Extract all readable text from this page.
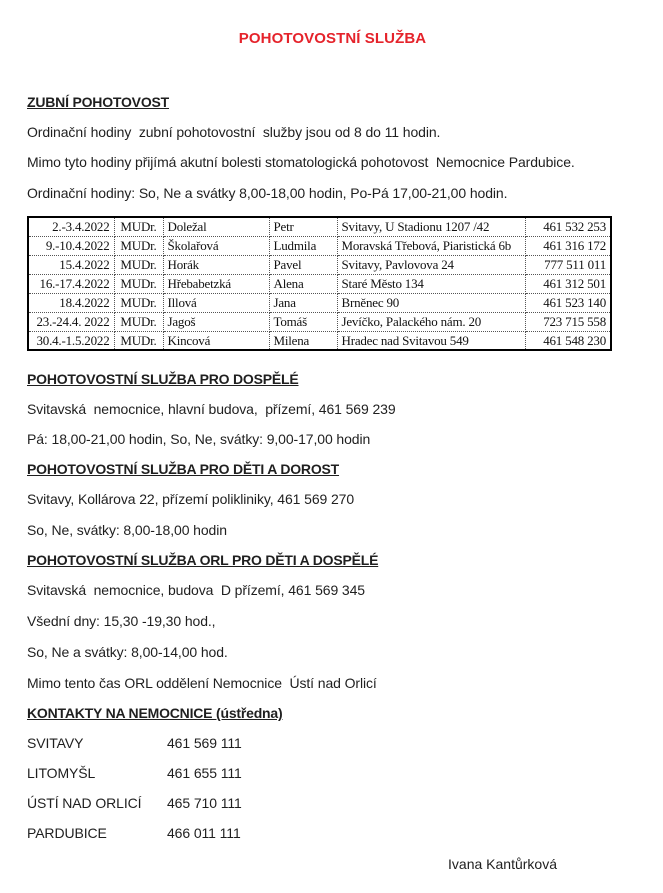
POHOTOVOSTNÍ SLUŽBA
ZUBNÍ POHOTOVOST
Ordinační hodiny  zubní pohotovostní  služby jsou od 8 do 11 hodin.
Mimo tyto hodiny přijímá akutní bolesti stomatologická pohotovost  Nemocnice Pardubice.
Ordinační hodiny: So, Ne a svátky 8,00-18,00 hodin, Po-Pá 17,00-21,00 hodin.
2.-3.4.2022	MUDr.	Doležal	Petr	Svitavy, U Stadionu 1207 /42	461 532 253
9.-10.4.2022	MUDr.	Školařová	Ludmila	Moravská Třebová, Piaristická 6b	461 316 172
15.4.2022	MUDr.	Horák	Pavel	Svitavy, Pavlovova 24	777 511 011
16.-17.4.2022	MUDr.	Hřebabetzká	Alena	Staré Město 134	461 312 501
18.4.2022	MUDr.	Illová	Jana	Brněnec 90	461 523 140
23.-24.4. 2022	MUDr.	Jagoš	Tomáš	Jevíčko, Palackého nám. 20	723 715 558
30.4.-1.5.2022	MUDr.	Kincová	Milena	Hradec nad Svitavou 549	461 548 230
POHOTOVOSTNÍ SLUŽBA PRO DOSPĚLÉ
Svitavská  nemocnice, hlavní budova,  přízemí, 461 569 239
Pá: 18,00-21,00 hodin, So, Ne, svátky: 9,00-17,00 hodin
POHOTOVOSTNÍ SLUŽBA PRO DĚTI A DOROST
Svitavy, Kollárova 22, přízemí polikliniky, 461 569 270
So, Ne, svátky: 8,00-18,00 hodin
POHOTOVOSTNÍ SLUŽBA ORL PRO DĚTI A DOSPĚLÉ
Svitavská  nemocnice, budova  D přízemí, 461 569 345
Všední dny: 15,30 -19,30 hod.,
So, Ne a svátky: 8,00-14,00 hod.
Mimo tento čas ORL oddělení Nemocnice  Ústí nad Orlicí
KONTAKTY NA NEMOCNICE (ústředna)
SVITAVY	461 569 111
LITOMYŠL	461 655 111
ÚSTÍ NAD ORLICÍ 465 710 111
PARDUBICE	466 011 111
Ivana Kantůrková
